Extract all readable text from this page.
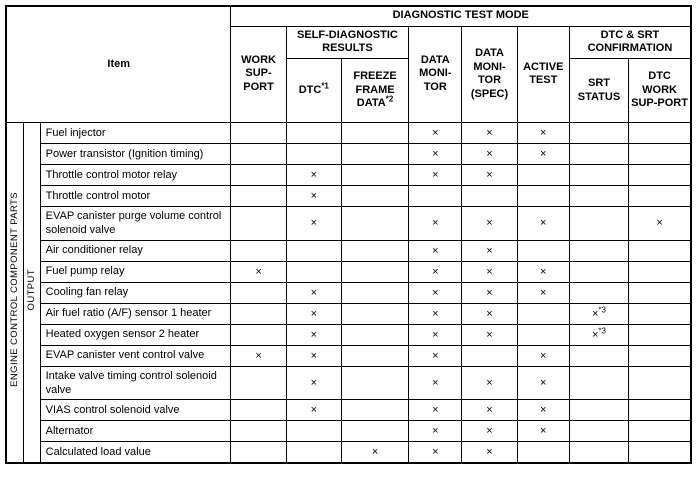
Item			DIAGNOSTIC TEST MODE							
			WORK SUP-PORT	SELF-DIAGNOSTIC RESULTS		DATA MONI-TOR	DATA MONI-TOR (SPEC)	ACTIVE TEST	DTC & SRT CONFIRMATION	
				DTC$^{*1}$	FREEZE FRAME DATA$^{*2}$				SRT STATUS	DTC WORK SUP-PORT
ENGINE CONTROL COMPONENT PARTS	OUTPUT	Fuel injector				×	×	×		
		Power transistor (Ignition timing)				×	×	×		
		Throttle control motor relay		×		×	×			
		Throttle control motor		×						
		EVAP canister purge volume control solenoid valve		×		×	×	×		×
		Air conditioner relay				×	×			
		Fuel pump relay	×			×	×	×		
		Cooling fan relay		×		×	×	×		
		Air fuel ratio (A/F) sensor 1 heater		×		×	×		×$^{*3}$	
		Heated oxygen sensor 2 heater		×		×	×		×$^{*3}$	
		EVAP canister vent control valve	×	×		×		×		
		Intake valve timing control solenoid valve		×		×	×	×		
		VIAS control solenoid valve		×		×	×	×		
		Alternator				×	×	×		
		Calculated load value			×	×	×			
